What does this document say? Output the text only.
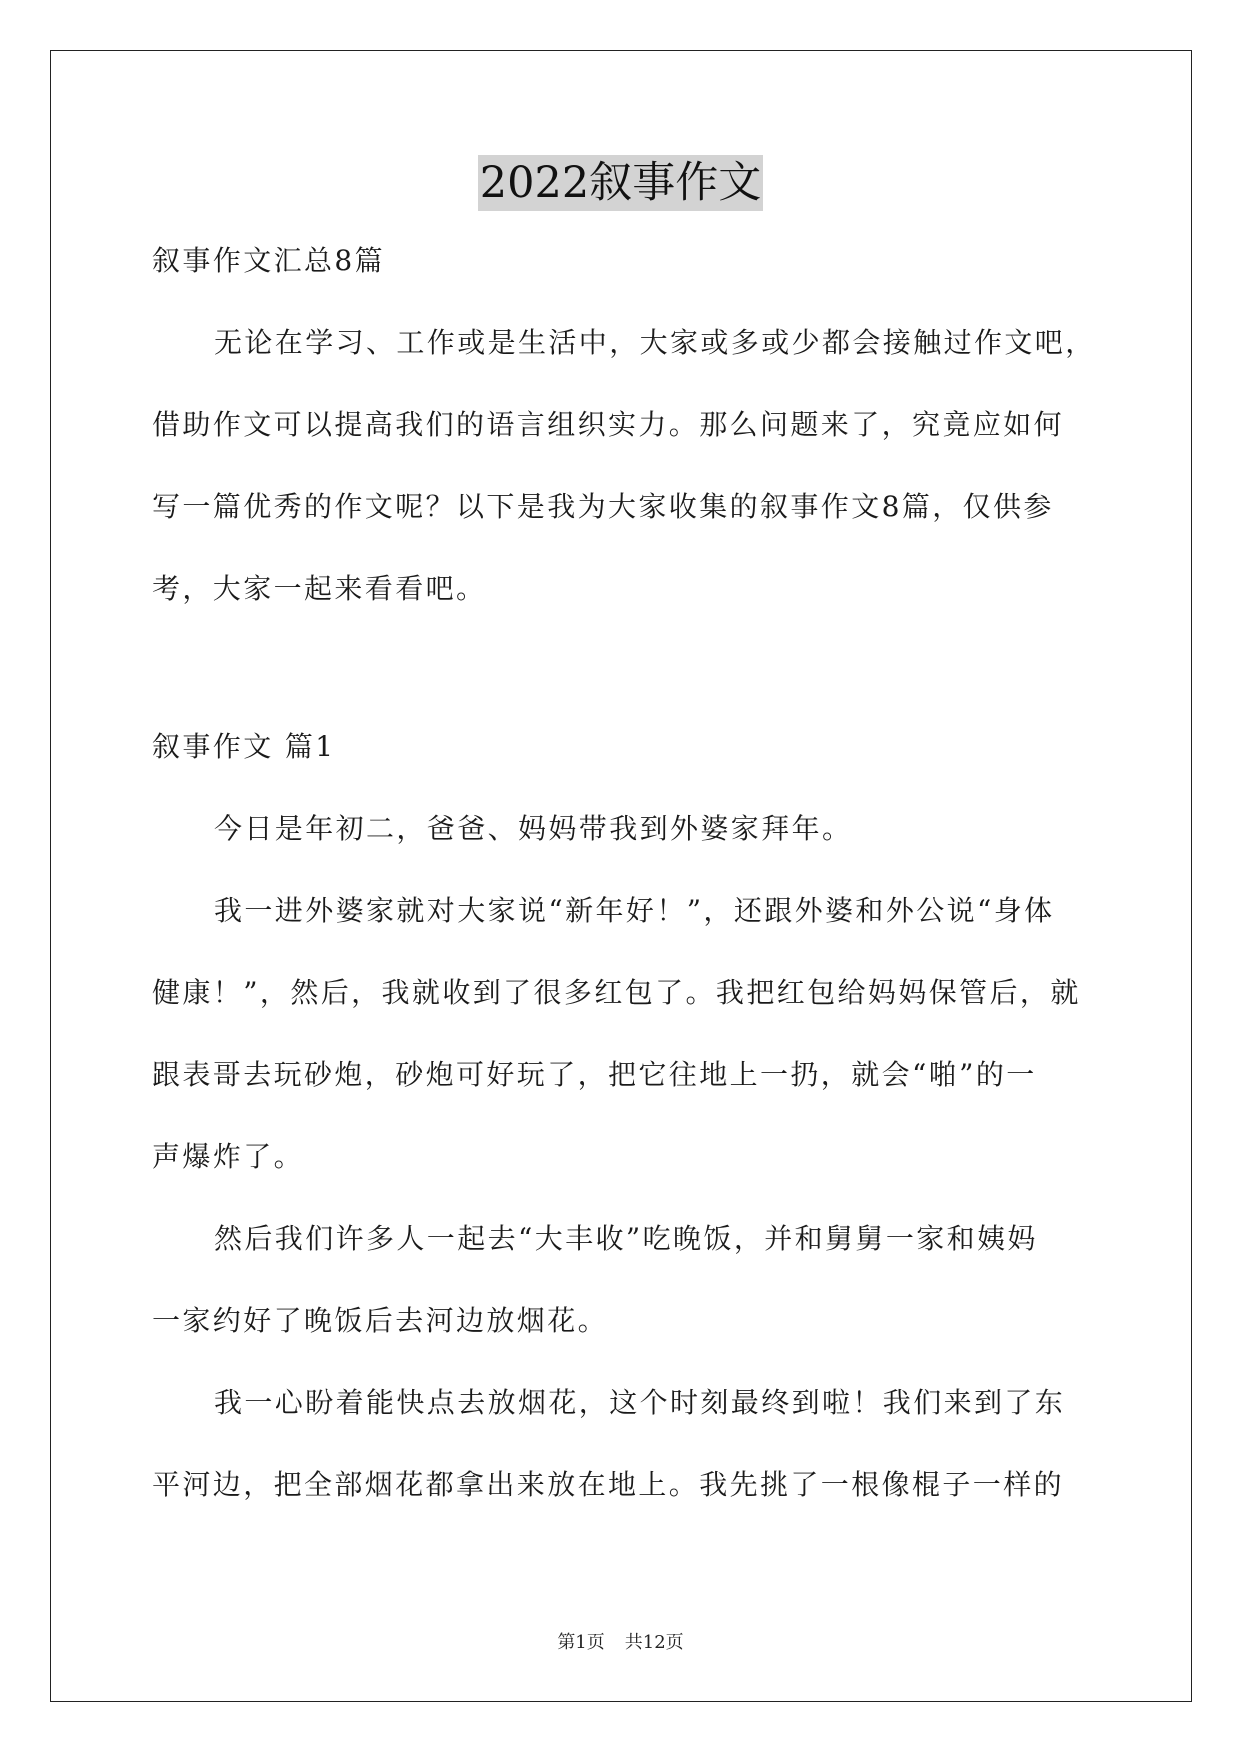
2022叙事作文
叙事作文汇总8篇
无论在学习、工作或是生活中，大家或多或少都会接触过作文吧，
借助作文可以提高我们的语言组织实力。那么问题来了，究竟应如何
写一篇优秀的作文呢？以下是我为大家收集的叙事作文8篇，仅供参
考，大家一起来看看吧。
叙事作文 篇1
今日是年初二，爸爸、妈妈带我到外婆家拜年。
我一进外婆家就对大家说“新年好！”，还跟外婆和外公说“身体
健康！”，然后，我就收到了很多红包了。我把红包给妈妈保管后，就
跟表哥去玩砂炮，砂炮可好玩了，把它往地上一扔，就会“啪”的一
声爆炸了。
然后我们许多人一起去“大丰收”吃晚饭，并和舅舅一家和姨妈
一家约好了晚饭后去河边放烟花。
我一心盼着能快点去放烟花，这个时刻最终到啦！我们来到了东
平河边，把全部烟花都拿出来放在地上。我先挑了一根像棍子一样的
第1页 共12页
